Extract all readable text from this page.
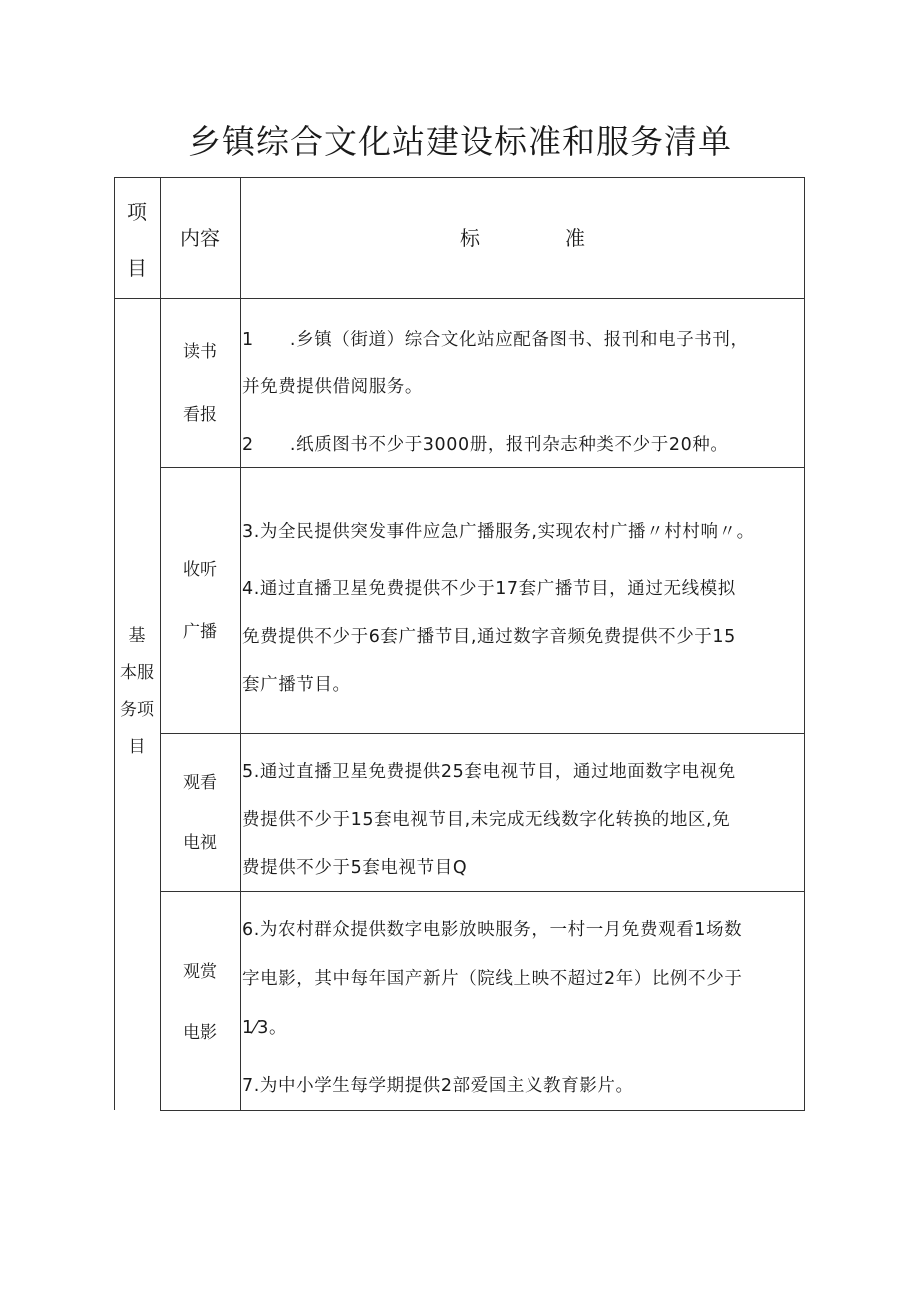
乡镇综合文化站建设标准和服务清单
项
目
内容	标	准
基
本服
务项
目
读书
看报
1　　.乡镇（街道）综合文化站应配备图书、报刊和电子书刊，
并免费提供借阅服务。
2　　.纸质图书不少于3000册，报刊杂志种类不少于20种。
收听
广播
3.为全民提供突发事件应急广播服务,实现农村广播〃村村响〃。
4.通过直播卫星免费提供不少于17套广播节目，通过无线模拟
免费提供不少于6套广播节目,通过数字音频免费提供不少于15
套广播节目。
观看
电视
5.通过直播卫星免费提供25套电视节目，通过地面数字电视免
费提供不少于15套电视节目,未完成无线数字化转换的地区,免
费提供不少于5套电视节目Q
观赏
电影
6.为农村群众提供数字电影放映服务，一村一月免费观看1场数
字电影，其中每年国产新片（院线上映不超过2年）比例不少于
1⁄3。
7.为中小学生每学期提供2部爱国主义教育影片。
